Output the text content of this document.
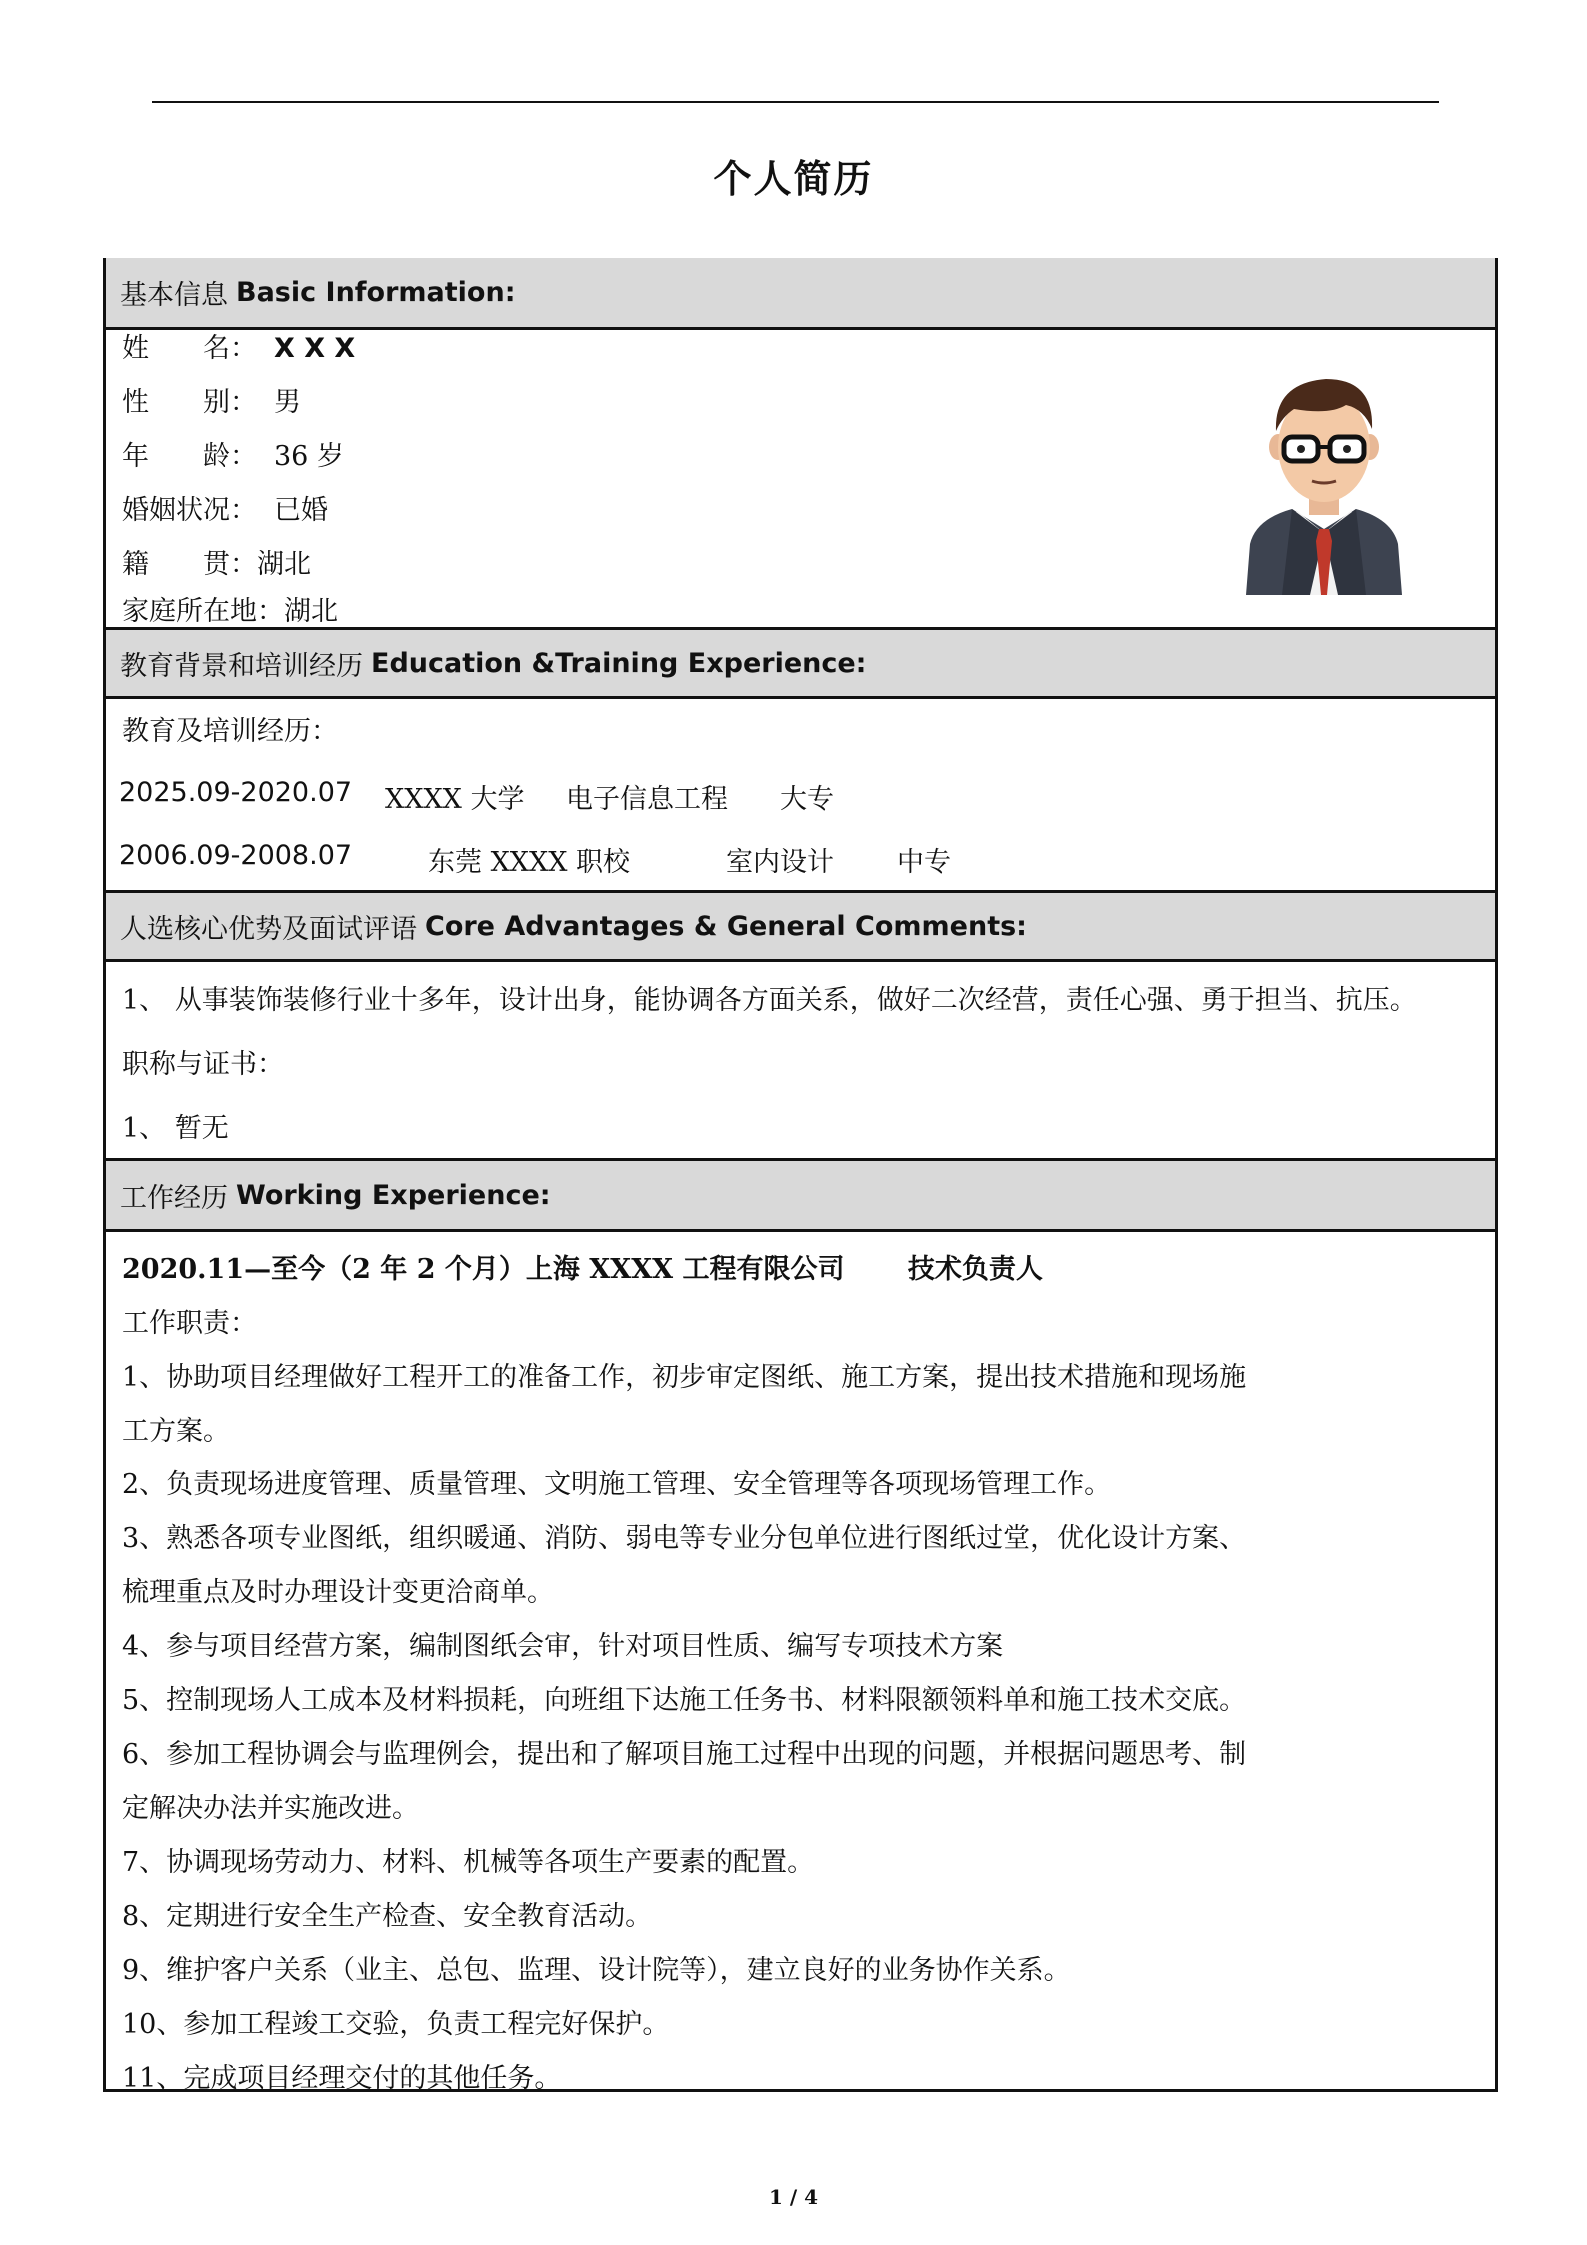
个人简历
基本信息 Basic Information:
姓　　名： X X X
性　　别： 男
年　　龄： 36 岁
婚姻状况： 已婚
籍　　贯：湖北
家庭所在地：湖北
教育背景和培训经历 Education &Training Experience:
教育及培训经历：
2025.09-2020.07 XXXX 大学 电子信息工程 大专
2006.09-2008.07	东莞 XXXX 职校	室内设计 中专
人选核心优势及面试评语 Core Advantages & General Comments:
1、 从事装饰装修行业十多年，设计出身，能协调各方面关系，做好二次经营，责任心强、勇于担当、抗压。
职称与证书：
1、 暂无
工作经历 Working Experience:
2020.11—至今（2 年 2 个月）上海 XXXX 工程有限公司　　 技术负责人
工作职责：
1、协助项目经理做好工程开工的准备工作，初步审定图纸、施工方案，提出技术措施和现场施
工方案。
2、负责现场进度管理、质量管理、文明施工管理、安全管理等各项现场管理工作。
3、熟悉各项专业图纸，组织暖通、消防、弱电等专业分包单位进行图纸过堂，优化设计方案、
梳理重点及时办理设计变更洽商单。
4、参与项目经营方案，编制图纸会审，针对项目性质、编写专项技术方案
5、控制现场人工成本及材料损耗，向班组下达施工任务书、材料限额领料单和施工技术交底。
6、参加工程协调会与监理例会，提出和了解项目施工过程中出现的问题，并根据问题思考、制
定解决办法并实施改进。
7、协调现场劳动力、材料、机械等各项生产要素的配置。
8、定期进行安全生产检查、安全教育活动。
9、维护客户关系（业主、总包、监理、设计院等），建立良好的业务协作关系。
10、参加工程竣工交验，负责工程完好保护。
11、完成项目经理交付的其他任务。
1 / 4
